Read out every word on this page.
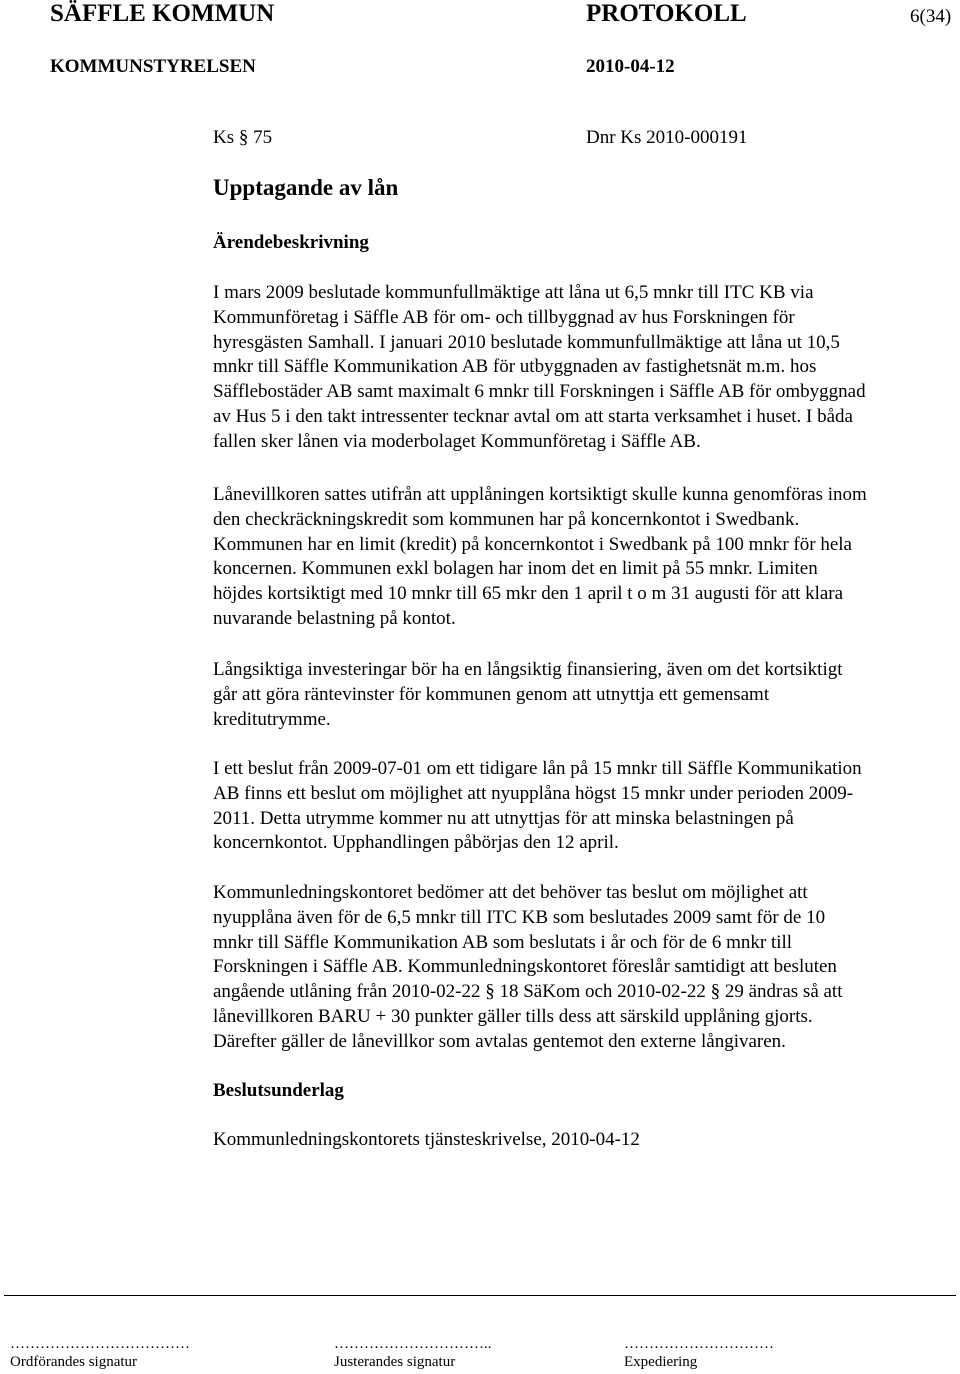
SÄFFLE KOMMUN	PROTOKOLL	6(34)
KOMMUNSTYRELSEN	2010-04-12
Ks § 75	Dnr Ks 2010-000191
Upptagande av lån
Ärendebeskrivning
I mars 2009 beslutade kommunfullmäktige att låna ut 6,5 mnkr till ITC KB via
Kommunföretag i Säffle AB för om- och tillbyggnad av hus Forskningen för
hyresgästen Samhall. I januari 2010 beslutade kommunfullmäktige att låna ut 10,5
mnkr till Säffle Kommunikation AB för utbyggnaden av fastighetsnät m.m. hos
Säfflebostäder AB samt maximalt 6 mnkr till Forskningen i Säffle AB för ombyggnad
av Hus 5 i den takt intressenter tecknar avtal om att starta verksamhet i huset. I båda
fallen sker lånen via moderbolaget Kommunföretag i Säffle AB.
Lånevillkoren sattes utifrån att upplåningen kortsiktigt skulle kunna genomföras inom
den checkräckningskredit som kommunen har på koncernkontot i Swedbank.
Kommunen har en limit (kredit) på koncernkontot i Swedbank på 100 mnkr för hela
koncernen. Kommunen exkl bolagen har inom det en limit på 55 mnkr. Limiten
höjdes kortsiktigt med 10 mnkr till 65 mkr den 1 april t o m 31 augusti för att klara
nuvarande belastning på kontot.
Långsiktiga investeringar bör ha en långsiktig finansiering, även om det kortsiktigt
går att göra räntevinster för kommunen genom att utnyttja ett gemensamt
kreditutrymme.
I ett beslut från 2009-07-01 om ett tidigare lån på 15 mnkr till Säffle Kommunikation
AB finns ett beslut om möjlighet att nyupplåna högst 15 mnkr under perioden 2009-
2011. Detta utrymme kommer nu att utnyttjas för att minska belastningen på
koncernkontot. Upphandlingen påbörjas den 12 april.
Kommunledningskontoret bedömer att det behöver tas beslut om möjlighet att
nyupplåna även för de 6,5 mnkr till ITC KB som beslutades 2009 samt för de 10
mnkr till Säffle Kommunikation AB som beslutats i år och för de 6 mnkr till
Forskningen i Säffle AB. Kommunledningskontoret föreslår samtidigt att besluten
angående utlåning från 2010-02-22 § 18 SäKom och 2010-02-22 § 29 ändras så att
lånevillkoren BARU + 30 punkter gäller tills dess att särskild upplåning gjorts.
Därefter gäller de lånevillkor som avtalas gentemot den externe långivaren.
Beslutsunderlag
Kommunledningskontorets tjänsteskrivelse, 2010-04-12
………………………………
Ordförandes signatur
…………………………..
Justerandes signatur
…………………………
Expediering
